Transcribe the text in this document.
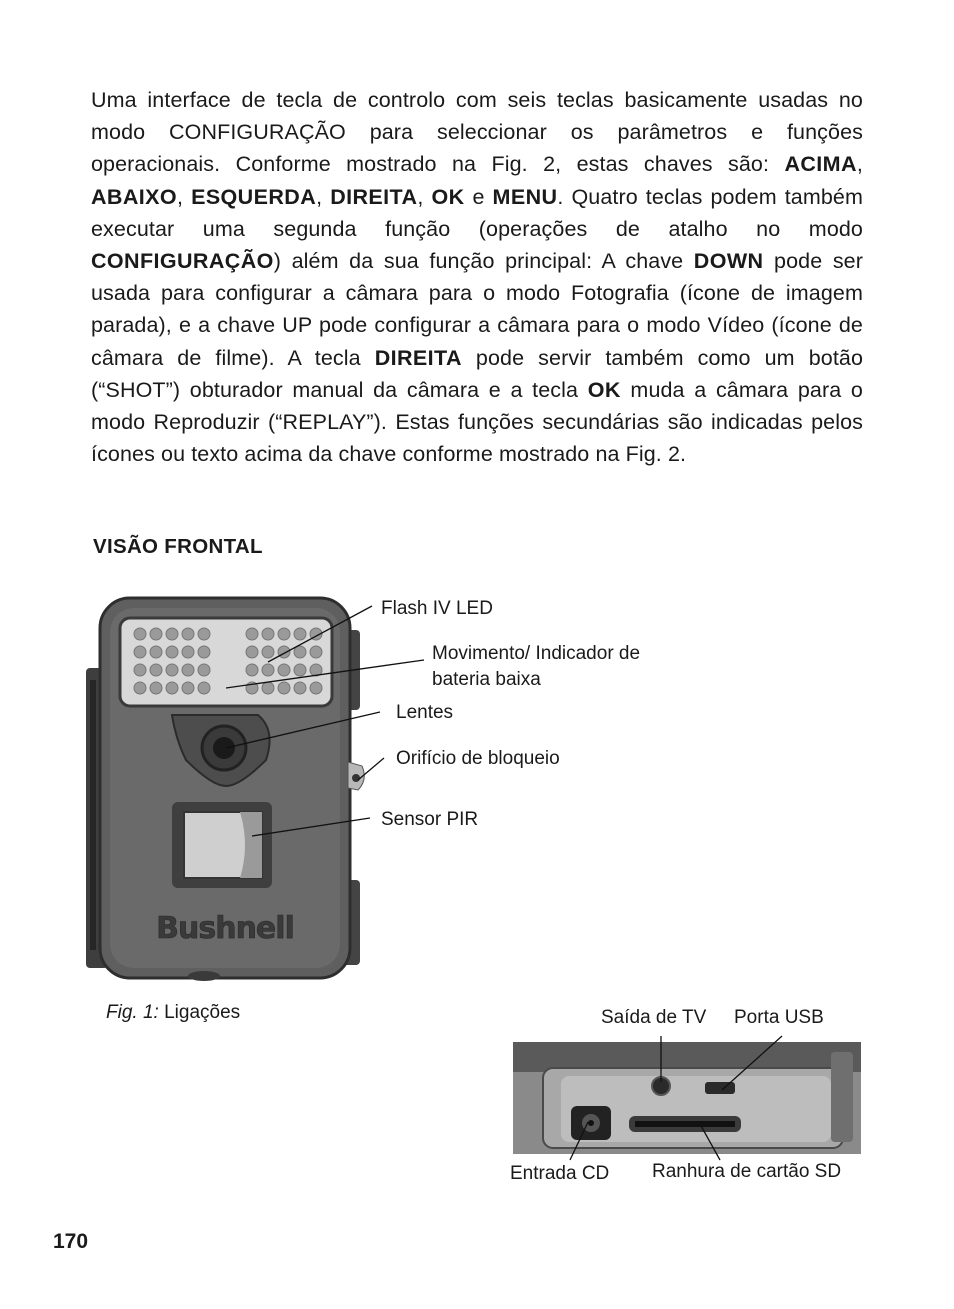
Uma interface de tecla de controlo com seis teclas basicamente usadas no modo CONFIGURAÇÃO para seleccionar os parâmetros e funções operacionais. Conforme mostrado na Fig. 2, estas chaves são: ACIMA, ABAIXO, ESQUERDA, DIREITA, OK e MENU. Quatro teclas podem também executar uma segunda função (operações de atalho no modo CONFIGURAÇÃO) além da sua função principal: A chave DOWN pode ser usada para configurar a câmara para o modo Fotografia (ícone de imagem parada), e a chave UP pode configurar a câmara para o modo Vídeo (ícone de câmara de filme). A tecla DIREITA pode servir também como um botão (“SHOT”) obturador manual da câmara e a tecla OK muda a câmara para o modo Reproduzir (“REPLAY”). Estas funções secundárias são indicadas pelos ícones ou texto acima da chave conforme mostrado na Fig. 2.
VISÃO FRONTAL
Bushnell
Flash IV LED
Movimento/ Indicador de
bateria baixa
Lentes
Orifício de bloqueio
Sensor PIR
Fig. 1: Ligações	Saída de TV Porta USB
Entrada CD Ranhura de cartão SD
170
